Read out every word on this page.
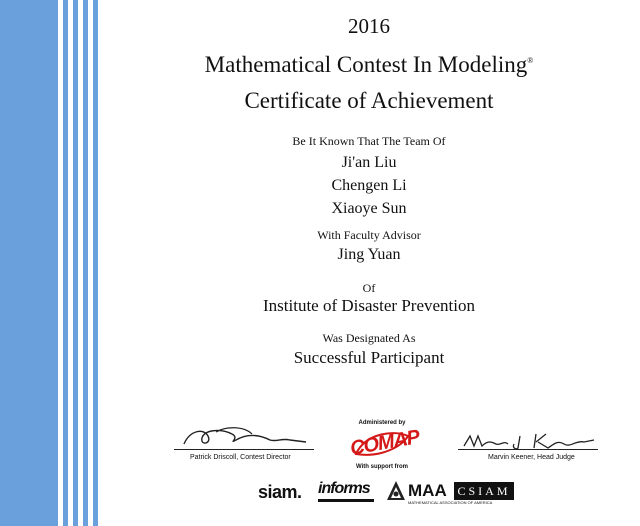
2016
Mathematical Contest In Modeling®
Certificate of Achievement
Be It Known That The Team Of
Ji'an Liu
Chengen Li
Xiaoye Sun
With Faculty Advisor
Jing Yuan
Of
Institute of Disaster Prevention
Was Designated As
Successful Participant
Patrick Driscoll, Contest Director	Marvin Keener, Head Judge
Administered by
COMAP
With support from
siam. informs MAA
MATHEMATICAL ASSOCIATION OF AMERICA
CSIAM
